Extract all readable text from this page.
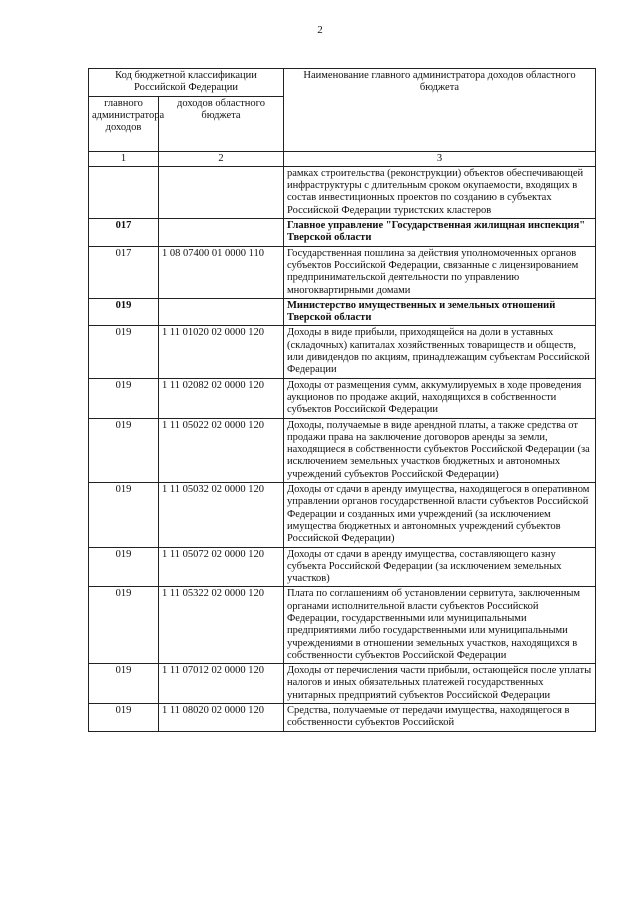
2
Код бюджетной классификации Российской Федерации		Наименование главного администратора доходов областного бюджета
главного администратора доходов	доходов областного бюджета	
1	2	3
		рамках строительства (реконструкции) объектов обеспечивающей инфраструктуры с длительным сроком окупаемости, входящих в состав инвестиционных проектов по созданию в субъектах Российской Федерации туристских кластеров
017		Главное управление "Государственная жилищная инспекция" Тверской области
017	1 08 07400 01 0000 110	Государственная пошлина за действия уполномоченных органов субъектов Российской Федерации, связанные с лицензированием предпринимательской деятельности по управлению многоквартирными домами
019		Министерство имущественных и земельных отношений Тверской области
019	1 11 01020 02 0000 120	Доходы в виде прибыли, приходящейся на доли в уставных (складочных) капиталах хозяйственных товариществ и обществ, или дивидендов по акциям, принадлежащим субъектам Российской Федерации
019	1 11 02082 02 0000 120	Доходы от размещения сумм, аккумулируемых в ходе проведения аукционов по продаже акций, находящихся в собственности субъектов Российской Федерации
019	1 11 05022 02 0000 120	Доходы, получаемые в виде арендной платы, а также средства от продажи права на заключение договоров аренды за земли, находящиеся в собственности субъектов Российской Федерации (за исключением земельных участков бюджетных и автономных учреждений субъектов Российской Федерации)
019	1 11 05032 02 0000 120	Доходы от сдачи в аренду имущества, находящегося в оперативном управлении органов государственной власти субъектов Российской Федерации и созданных ими учреждений (за исключением имущества бюджетных и автономных учреждений субъектов Российской Федерации)
019	1 11 05072 02 0000 120	Доходы от сдачи в аренду имущества, составляющего казну субъекта Российской Федерации (за исключением земельных участков)
019	1 11 05322 02 0000 120	Плата по соглашениям об установлении сервитута, заключенным органами исполнительной власти субъектов Российской Федерации, государственными или муниципальными предприятиями либо государственными или муниципальными учреждениями в отношении земельных участков, находящихся в собственности субъектов Российской Федерации
019	1 11 07012 02 0000 120	Доходы от перечисления части прибыли, остающейся после уплаты налогов и иных обязательных платежей государственных унитарных предприятий субъектов Российской Федерации
019	1 11 08020 02 0000 120	Средства, получаемые от передачи имущества, находящегося в собственности субъектов Российской
